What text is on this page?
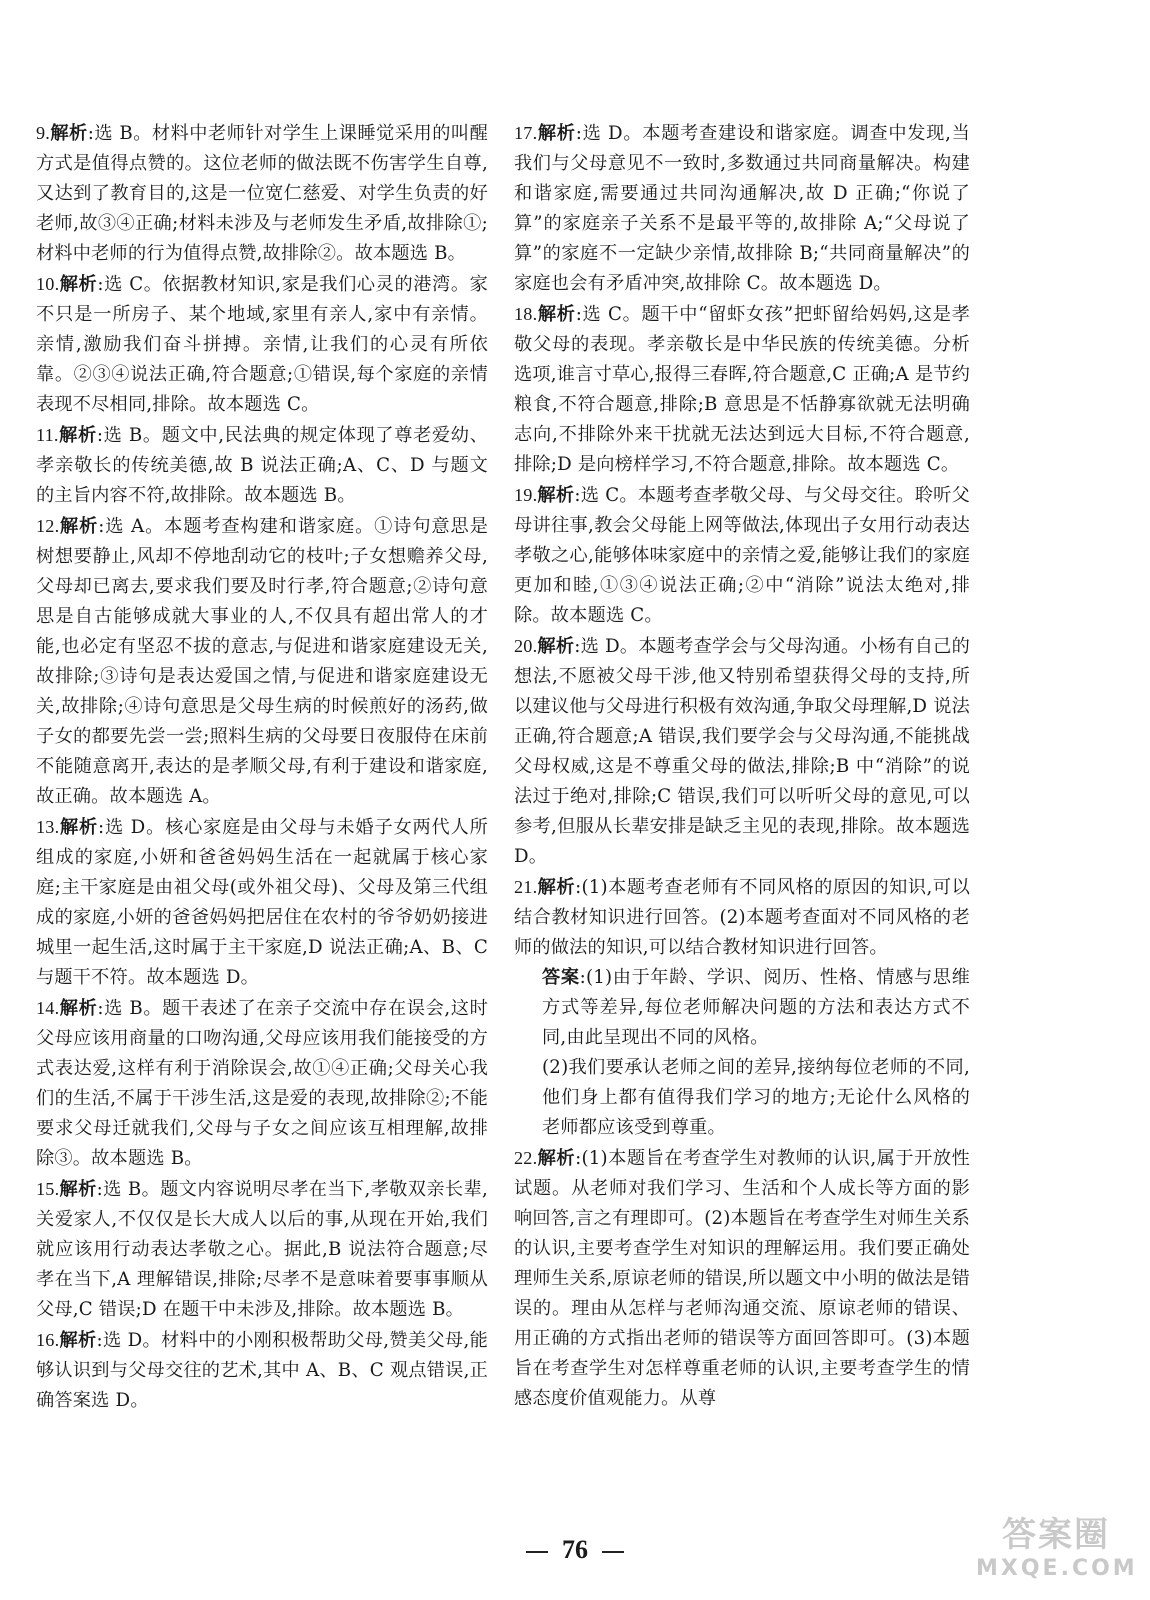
9.解析:选 B。材料中老师针对学生上课睡觉采用的叫醒方式是值得点赞的。这位老师的做法既不伤害学生自尊,又达到了教育目的,这是一位宽仁慈爱、对学生负责的好老师,故③④正确;材料未涉及与老师发生矛盾,故排除①;材料中老师的行为值得点赞,故排除②。故本题选 B。
10.解析:选 C。依据教材知识,家是我们心灵的港湾。家不只是一所房子、某个地域,家里有亲人,家中有亲情。亲情,激励我们奋斗拼搏。亲情,让我们的心灵有所依靠。②③④说法正确,符合题意;①错误,每个家庭的亲情表现不尽相同,排除。故本题选 C。
11.解析:选 B。题文中,民法典的规定体现了尊老爱幼、孝亲敬长的传统美德,故 B 说法正确;A、C、D 与题文的主旨内容不符,故排除。故本题选 B。
12.解析:选 A。本题考查构建和谐家庭。①诗句意思是树想要静止,风却不停地刮动它的枝叶;子女想赡养父母,父母却已离去,要求我们要及时行孝,符合题意;②诗句意思是自古能够成就大事业的人,不仅具有超出常人的才能,也必定有坚忍不拔的意志,与促进和谐家庭建设无关,故排除;③诗句是表达爱国之情,与促进和谐家庭建设无关,故排除;④诗句意思是父母生病的时候煎好的汤药,做子女的都要先尝一尝;照料生病的父母要日夜服侍在床前不能随意离开,表达的是孝顺父母,有利于建设和谐家庭,故正确。故本题选 A。
13.解析:选 D。核心家庭是由父母与未婚子女两代人所组成的家庭,小妍和爸爸妈妈生活在一起就属于核心家庭;主干家庭是由祖父母(或外祖父母)、父母及第三代组成的家庭,小妍的爸爸妈妈把居住在农村的爷爷奶奶接进城里一起生活,这时属于主干家庭,D 说法正确;A、B、C 与题干不符。故本题选 D。
14.解析:选 B。题干表述了在亲子交流中存在误会,这时父母应该用商量的口吻沟通,父母应该用我们能接受的方式表达爱,这样有利于消除误会,故①④正确;父母关心我们的生活,不属于干涉生活,这是爱的表现,故排除②;不能要求父母迁就我们,父母与子女之间应该互相理解,故排除③。故本题选 B。
15.解析:选 B。题文内容说明尽孝在当下,孝敬双亲长辈,关爱家人,不仅仅是长大成人以后的事,从现在开始,我们就应该用行动表达孝敬之心。据此,B 说法符合题意;尽孝在当下,A 理解错误,排除;尽孝不是意味着要事事顺从父母,C 错误;D 在题干中未涉及,排除。故本题选 B。
16.解析:选 D。材料中的小刚积极帮助父母,赞美父母,能够认识到与父母交往的艺术,其中 A、B、C 观点错误,正确答案选 D。
17.解析:选 D。本题考查建设和谐家庭。调查中发现,当我们与父母意见不一致时,多数通过共同商量解决。构建和谐家庭,需要通过共同沟通解决,故 D 正确;“你说了算”的家庭亲子关系不是最平等的,故排除 A;“父母说了算”的家庭不一定缺少亲情,故排除 B;“共同商量解决”的家庭也会有矛盾冲突,故排除 C。故本题选 D。
18.解析:选 C。题干中“留虾女孩”把虾留给妈妈,这是孝敬父母的表现。孝亲敬长是中华民族的传统美德。分析选项,谁言寸草心,报得三春晖,符合题意,C 正确;A 是节约粮食,不符合题意,排除;B 意思是不恬静寡欲就无法明确志向,不排除外来干扰就无法达到远大目标,不符合题意,排除;D 是向榜样学习,不符合题意,排除。故本题选 C。
19.解析:选 C。本题考查孝敬父母、与父母交往。聆听父母讲往事,教会父母能上网等做法,体现出子女用行动表达孝敬之心,能够体味家庭中的亲情之爱,能够让我们的家庭更加和睦,①③④说法正确;②中“消除”说法太绝对,排除。故本题选 C。
20.解析:选 D。本题考查学会与父母沟通。小杨有自己的想法,不愿被父母干涉,他又特别希望获得父母的支持,所以建议他与父母进行积极有效沟通,争取父母理解,D 说法正确,符合题意;A 错误,我们要学会与父母沟通,不能挑战父母权威,这是不尊重父母的做法,排除;B 中“消除”的说法过于绝对,排除;C 错误,我们可以听听父母的意见,可以参考,但服从长辈安排是缺乏主见的表现,排除。故本题选 D。

21.解析:(1)本题考查老师有不同风格的原因的知识,可以结合教材知识进行回答。(2)本题考查面对不同风格的老师的做法的知识,可以结合教材知识进行回答。

答案:(1)由于年龄、学识、阅历、性格、情感与思维方式等差异,每位老师解决问题的方法和表达方式不同,由此呈现出不同的风格。

(2)我们要承认老师之间的差异,接纳每位老师的不同,他们身上都有值得我们学习的地方;无论什么风格的老师都应该受到尊重。

22.解析:(1)本题旨在考查学生对教师的认识,属于开放性试题。从老师对我们学习、生活和个人成长等方面的影响回答,言之有理即可。(2)本题旨在考查学生对师生关系的认识,主要考查学生对知识的理解运用。我们要正确处理师生关系,原谅老师的错误,所以题文中小明的做法是错误的。理由从怎样与老师沟通交流、原谅老师的错误、用正确的方式指出老师的错误等方面回答即可。(3)本题旨在考查学生对怎样尊重老师的认识,主要考查学生的情感态度价值观能力。从尊
76	答案圈
MXQE.COM
